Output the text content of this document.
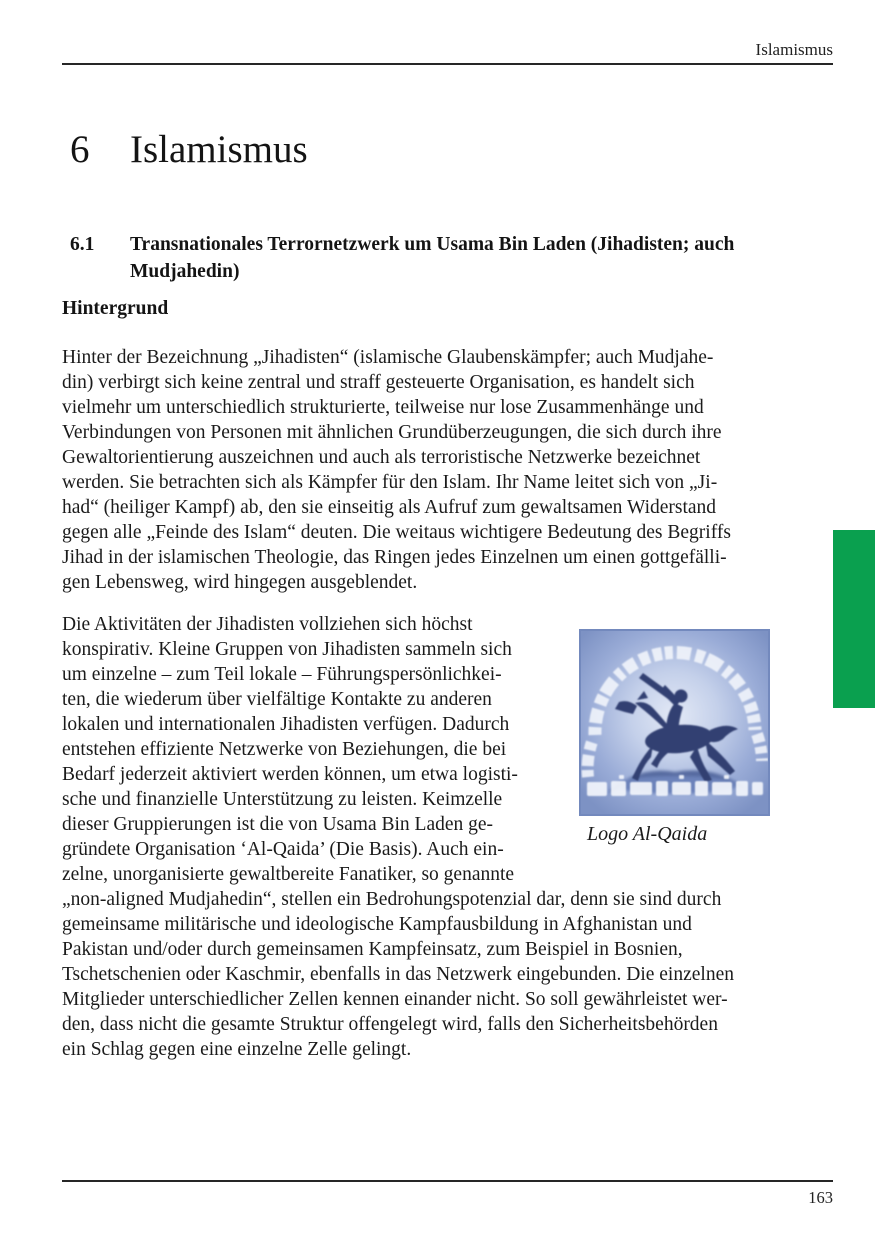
Islamismus
6	Islamismus
6.1	Transnationales Terrornetzwerk um Usama Bin Laden (Jihadisten; auch
Mudjahedin)
Hintergrund
Hinter der Bezeichnung „Jihadisten“ (islamische Glaubenskämpfer; auch Mudjahe-
din) verbirgt sich keine zentral und straff gesteuerte Organisation, es handelt sich
vielmehr um unterschiedlich strukturierte, teilweise nur lose Zusammenhänge und
Verbindungen von Personen mit ähnlichen Grundüberzeugungen, die sich durch ihre
Gewaltorientierung auszeichnen und auch als terroristische Netzwerke bezeichnet
werden. Sie betrachten sich als Kämpfer für den Islam. Ihr Name leitet sich von „Ji-
had“ (heiliger Kampf) ab, den sie einseitig als Aufruf zum gewaltsamen Widerstand
gegen alle „Feinde des Islam“ deuten. Die weitaus wichtigere Bedeutung des Begriffs
Jihad in der islamischen Theologie, das Ringen jedes Einzelnen um einen gottgefälli-
gen Lebensweg, wird hingegen ausgeblendet.
Die Aktivitäten der Jihadisten vollziehen sich höchst
konspirativ. Kleine Gruppen von Jihadisten sammeln sich
um einzelne – zum Teil lokale – Führungspersönlichkei-
ten, die wiederum über vielfältige Kontakte zu anderen
lokalen und internationalen Jihadisten verfügen. Dadurch
entstehen effiziente Netzwerke von Beziehungen, die bei
Bedarf jederzeit aktiviert werden können, um etwa logisti-
sche und finanzielle Unterstützung zu leisten. Keimzelle
dieser Gruppierungen ist die von Usama Bin Laden ge-
gründete Organisation ‘Al-Qaida’ (Die Basis). Auch ein-
zelne, unorganisierte gewaltbereite Fanatiker, so genannte
„non-aligned Mudjahedin“, stellen ein Bedrohungspotenzial dar, denn sie sind durch
gemeinsame militärische und ideologische Kampfausbildung in Afghanistan und
Pakistan und/oder durch gemeinsamen Kampfeinsatz, zum Beispiel in Bosnien,
Tschetschenien oder Kaschmir, ebenfalls in das Netzwerk eingebunden. Die einzelnen
Mitglieder unterschiedlicher Zellen kennen einander nicht. So soll gewährleistet wer-
den, dass nicht die gesamte Struktur offengelegt wird, falls den Sicherheitsbehörden
ein Schlag gegen eine einzelne Zelle gelingt.
Logo Al-Qaida
163
